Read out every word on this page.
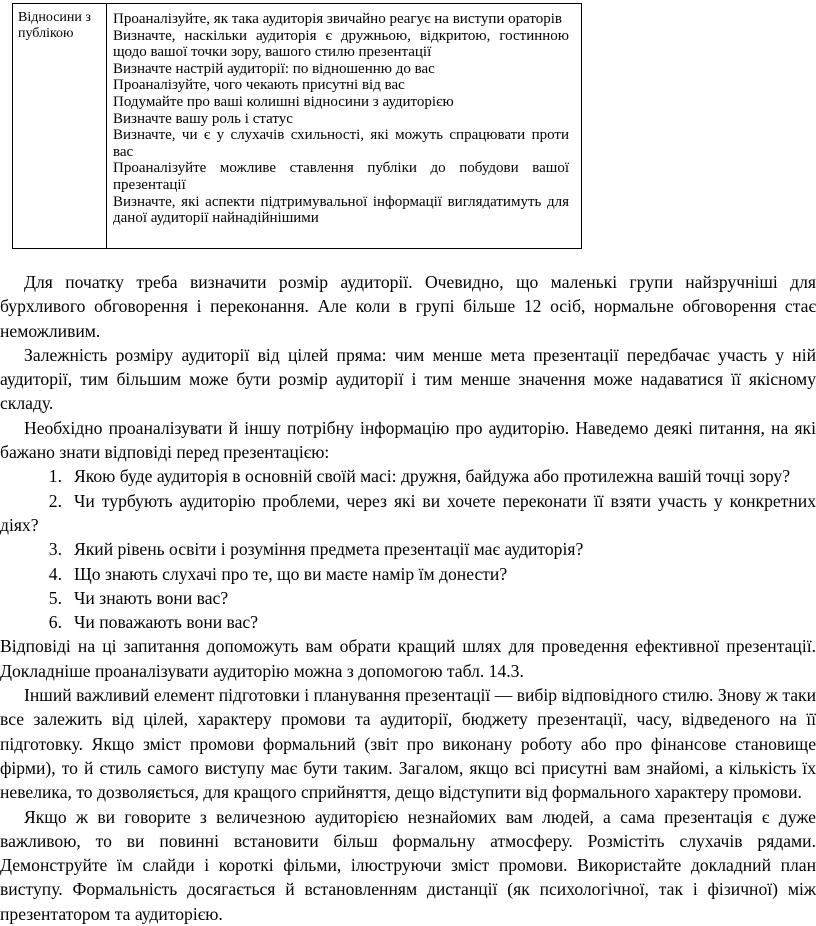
Відносини з публікою

Проаналізуйте, як така аудиторія звичайно реагує на виступи ораторів
Визначте, наскільки аудиторія є дружньою, відкритою, гостинною щодо вашої точки зору, вашого стилю презентації
Визначте настрій аудиторії: по відношенню до вас
Проаналізуйте, чого чекають присутні від вас
Подумайте про ваші колишні відносини з аудиторією
Визначте вашу роль і статус
Визначте, чи є у слухачів схильності, які можуть спрацювати проти вас
Проаналізуйте можливе ставлення публіки до побудови вашої презентації
Визначте, які аспекти підтримувальної інформації виглядатимуть для даної аудиторії найнадійнішими
Для початку треба визначити розмір аудиторії. Очевидно, що маленькі групи найзручніші для бурхливого обговорення і переконання. Але коли в групі більше 12 осіб, нормальне обговорення стає неможливим.
Залежність розміру аудиторії від цілей пряма: чим менше мета презентації передбачає участь у ній аудиторії, тим більшим може бути розмір аудиторії і тим менше значення може надаватися її якісному складу.
Необхідно проаналізувати й іншу потрібну інформацію про аудиторію. Наведемо деякі питання, на які бажано знати відповіді перед презентацією:
1. Якою буде аудиторія в основній своїй масі: дружня, байдужа або протилежна вашій точці зору?
2. Чи турбують аудиторію проблеми, через які ви хочете переконати її взяти участь у конкретних діях?
3. Який рівень освіти і розуміння предмета презентації має аудиторія?
4. Що знають слухачі про те, що ви маєте намір їм донести?
5. Чи знають вони вас?
6. Чи поважають вони вас?
Відповіді на ці запитання допоможуть вам обрати кращий шлях для проведення ефективної презентації. Докладніше проаналізувати аудиторію можна з допомогою табл. 14.3.
Інший важливий елемент підготовки і планування презентації — вибір відповідного стилю. Знову ж таки все залежить від цілей, характеру промови та аудиторії, бюджету презентації, часу, відведеного на її підготовку. Якщо зміст промови формальний (звіт про виконану роботу або про фінансове становище фірми), то й стиль самого виступу має бути таким. Загалом, якщо всі присутні вам знайомі, а кількість їх невелика, то дозволяється, для кращого сприйняття, дещо відступити від формального характеру промови.
Якщо ж ви говорите з величезною аудиторією незнайомих вам людей, а сама презентація є дуже важливою, то ви повинні встановити більш формальну атмосферу. Розмістіть слухачів рядами. Демонструйте їм слайди і короткі фільми, ілюструючи зміст промови. Використайте докладний план виступу. Формальність досягається й встановленням дистанції (як психологічної, так і фізичної) між презентатором та аудиторією.
